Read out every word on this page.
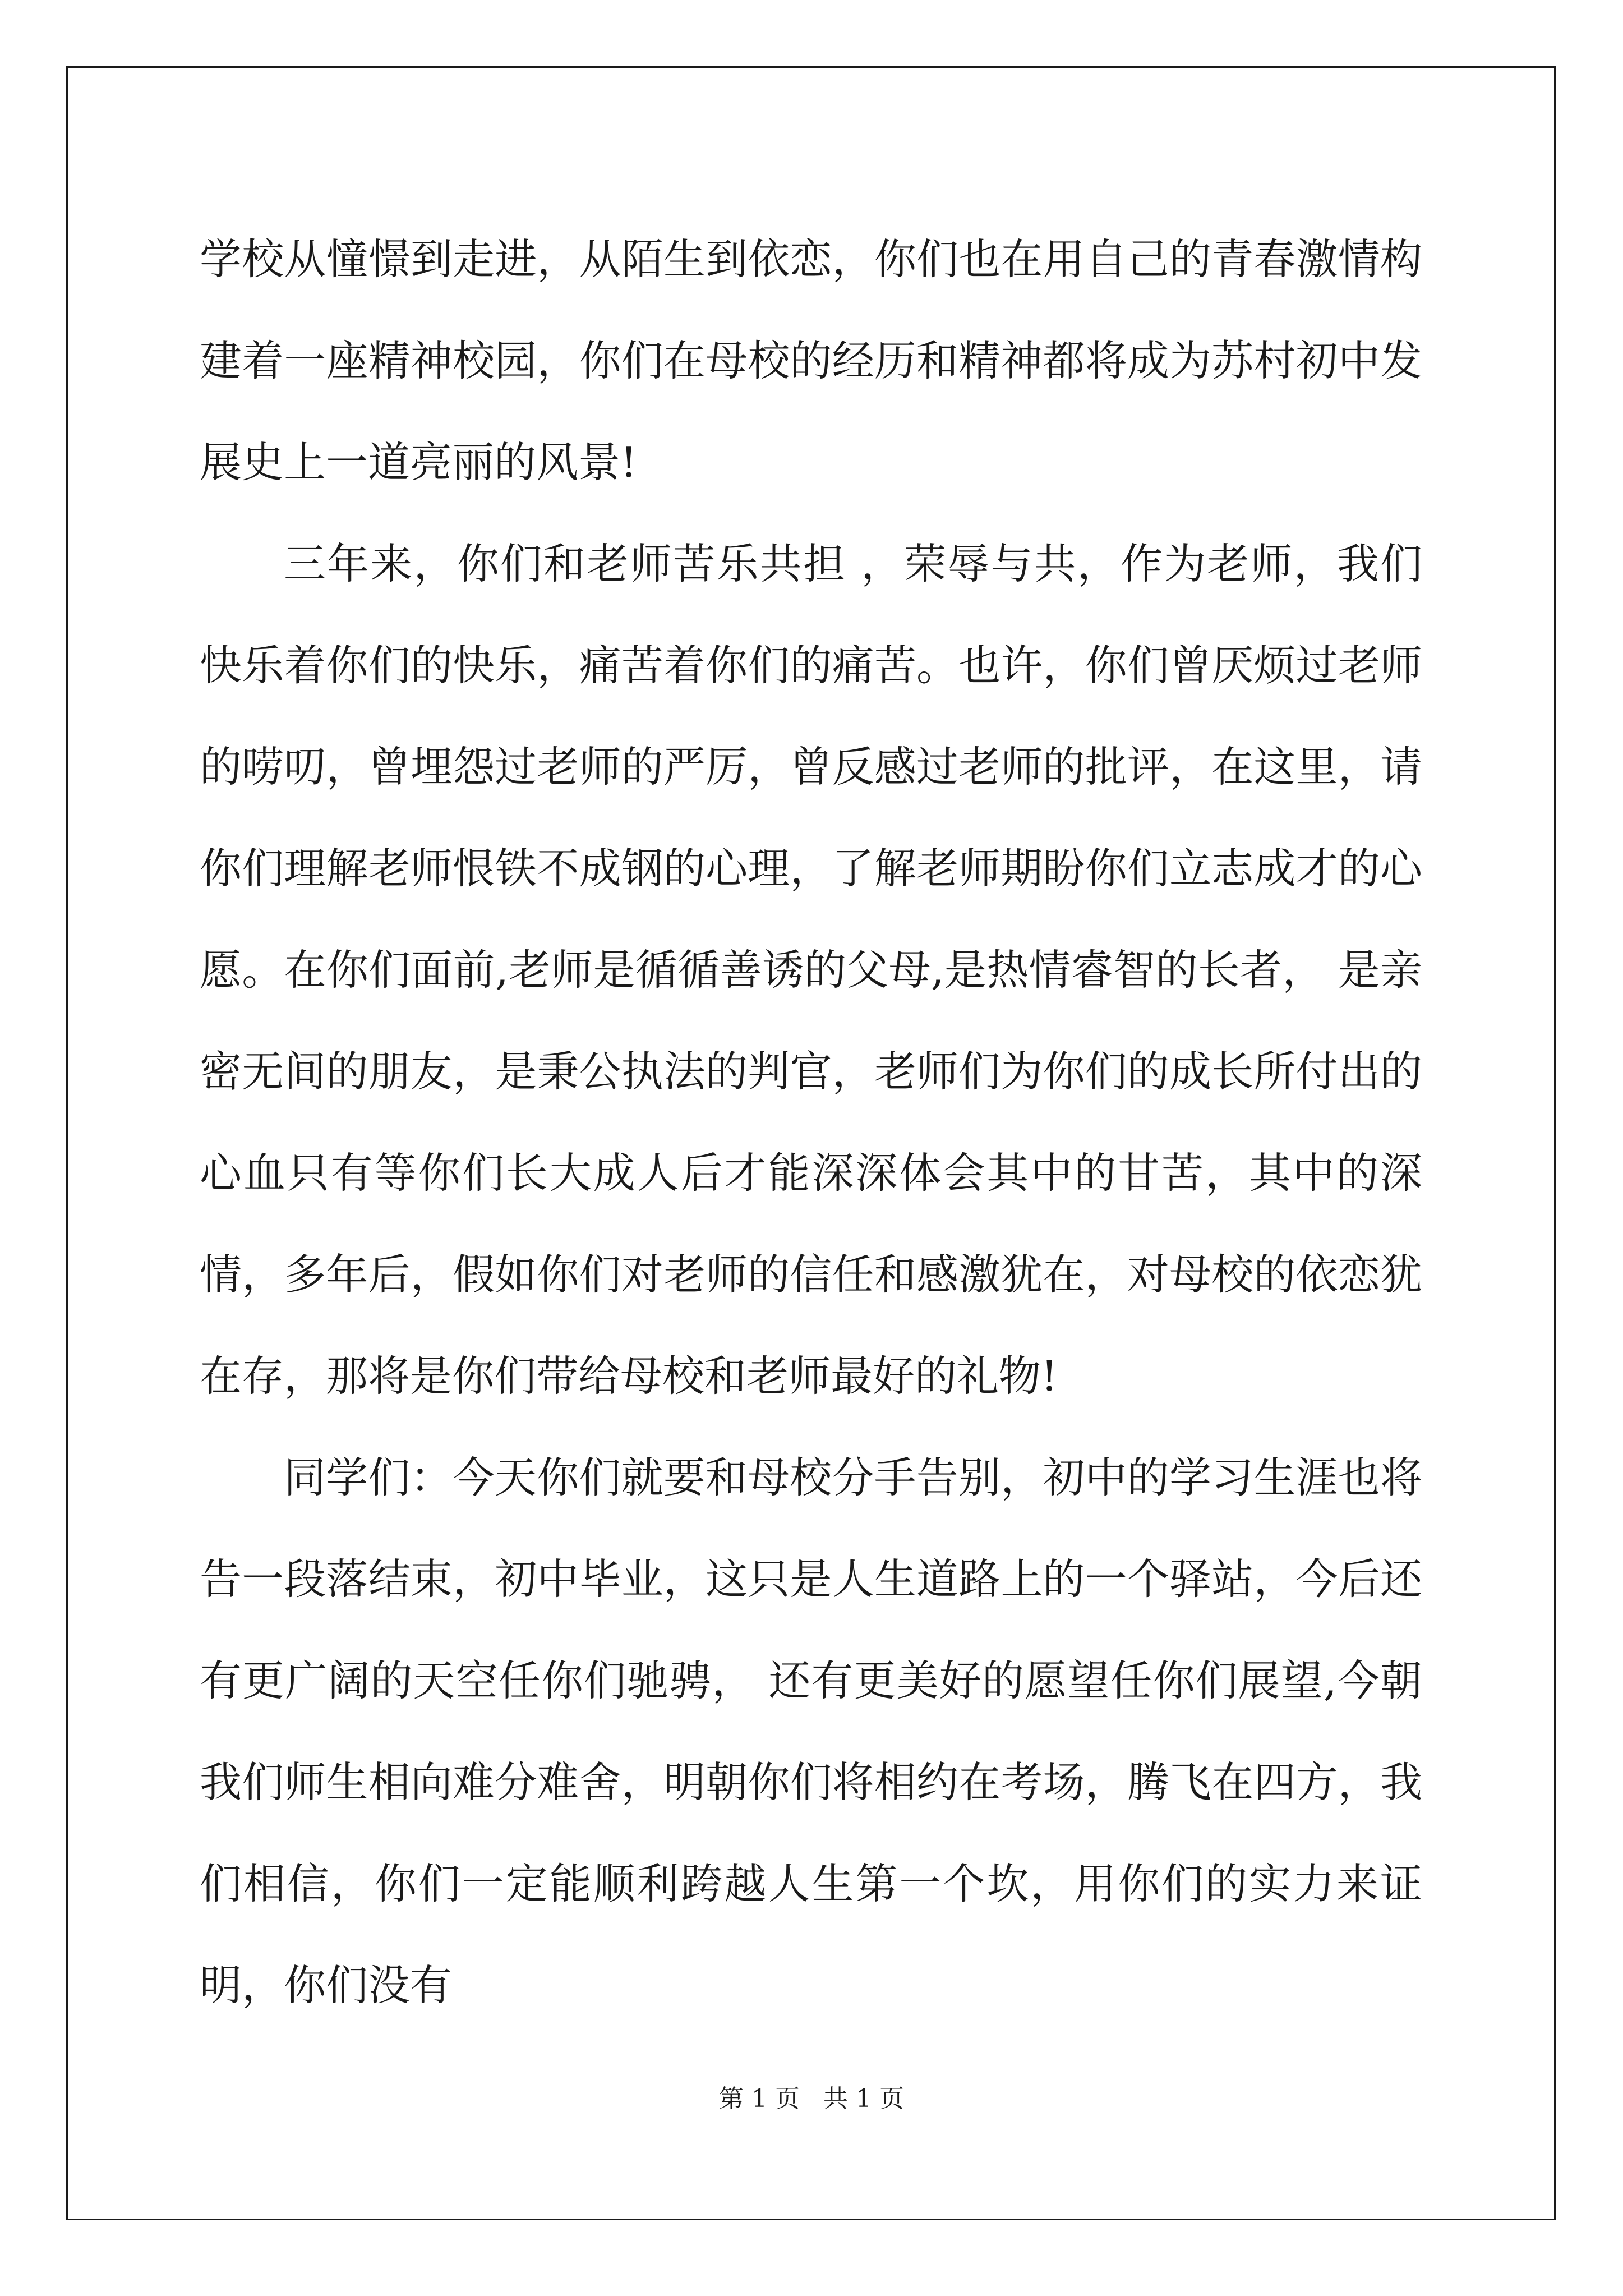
学校从憧憬到走进，从陌生到依恋，你们也在用自己的青春激情构建着一座精神校园，你们在母校的经历和精神都将成为苏村初中发展史上一道亮丽的风景!

三年来，你们和老师苦乐共担 ，荣辱与共，作为老师，我们快乐着你们的快乐，痛苦着你们的痛苦。也许，你们曾厌烦过老师的唠叨，曾埋怨过老师的严厉，曾反感过老师的批评，在这里，请你们理解老师恨铁不成钢的心理，了解老师期盼你们立志成才的心愿。在你们面前,老师是循循善诱的父母,是热情睿智的长者， 是亲密无间的朋友，是秉公执法的判官，老师们为你们的成长所付出的心血只有等你们长大成人后才能深深体会其中的甘苦，其中的深情，多年后，假如你们对老师的信任和感激犹在，对母校的依恋犹在存，那将是你们带给母校和老师最好的礼物!

同学们：今天你们就要和母校分手告别，初中的学习生涯也将告一段落结束，初中毕业，这只是人生道路上的一个驿站，今后还有更广阔的天空任你们驰骋， 还有更美好的愿望任你们展望,今朝我们师生相向难分难舍，明朝你们将相约在考场，腾飞在四方，我们相信，你们一定能顺利跨越人生第一个坎，用你们的实力来证明，你们没有

第 1 页   共 1 页
